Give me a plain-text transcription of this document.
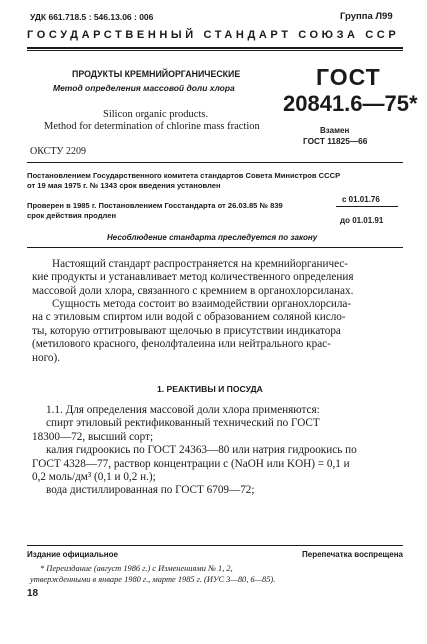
УДК 661.718.5 : 546.13.06 : 006	Группа Л99
ГОСУДАРСТВЕННЫЙ СТАНДАРТ СОЮЗА ССР
ПРОДУКТЫ КРЕМНИЙОРГАНИЧЕСКИЕ
Метод определения массовой доли хлора
Silicon organic products.
Method for determination of chlorine mass fraction
ГОСТ
20841.6—75*
Взамен
ГОСТ 11825—66
ОКСТУ 2209
Постановлением Государственного комитета стандартов Совета Министров СССР
от 19 мая 1975 г. № 1343 срок введения установлен
с 01.01.76
Проверен в 1985 г. Постановлением Госстандарта от 26.03.85 № 839
срок действия продлен
до 01.01.91
Несоблюдение стандарта преследуется по закону
Настоящий стандарт распространяется на кремнийорганичес-
кие продукты и устанавливает метод количественного определения
массовой доли хлора, связанного с кремнием в органохлорсиланах.
Сущность метода состоит во взаимодействии органохлорсила-
на с этиловым спиртом или водой с образованием соляной кисло-
ты, которую оттитровывают щелочью в присутствии индикатора
(метилового красного, фенолфталеина или нейтрального крас-
ного).
1. РЕАКТИВЫ И ПОСУДА
1.1. Для определения массовой доли хлора применяются:
спирт этиловый ректификованный технический по ГОСТ
18300—72, высший сорт;
калия гидроокись по ГОСТ 24363—80 или натрия гидроокись по
ГОСТ 4328—77, раствор концентрации с (NaOH или KOH) = 0,1 и
0,2 моль/дм³ (0,1 и 0,2 н.);
вода дистиллированная по ГОСТ 6709—72;
Издание официальное	Перепечатка воспрещена
* Переиздание (август 1986 г.) с Изменениями № 1, 2,
утвержденными в январе 1980 г., марте 1985 г. (ИУС 3—80, 6—85).
18
